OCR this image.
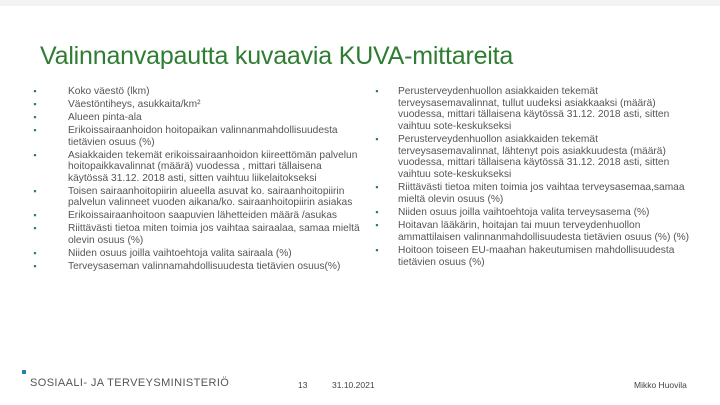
Valinnanvapautta kuvaavia KUVA-mittareita
▪	Koko väestö (lkm)
▪	Väestöntiheys, asukkaita/km²
▪	Alueen pinta-ala
▪	Erikoissairaanhoidon hoitopaikan valinnanmahdollisuudesta tietävien osuus (%)
▪	Asiakkaiden tekemät erikoissairaanhoidon kiireettömän palvelun hoitopaikkavalinnat (määrä) vuodessa , mittari tällaisena käytössä 31.12. 2018 asti, sitten vaihtuu liikelaitokseksi
▪	Toisen sairaanhoitopiirin alueella asuvat ko. sairaanhoitopiirin palvelun valinneet vuoden aikana/ko. sairaanhoitopiirin asiakas
▪	Erikoissairaanhoitoon saapuvien lähetteiden määrä /asukas
▪	Riittävästi tietoa miten toimia jos vaihtaa sairaalaa, samaa mieltä olevin osuus (%)
▪	Niiden osuus joilla vaihtoehtoja valita sairaala (%)
▪	Terveysaseman valinnamahdollisuudesta tietävien osuus(%)
▪	Perusterveydenhuollon asiakkaiden tekemät terveysasemavalinnat, tullut uudeksi asiakkaaksi (määrä) vuodessa, mittari tällaisena käytössä 31.12. 2018 asti, sitten vaihtuu sote-keskukseksi
▪	Perusterveydenhuollon asiakkaiden tekemät terveysasemavalinnat, lähtenyt pois asiakkuudesta (määrä) vuodessa, mittari tällaisena käytössä 31.12. 2018 asti, sitten vaihtuu sote-keskukseksi
▪	Riittävästi tietoa miten toimia jos vaihtaa terveysasemaa,samaa mieltä olevin osuus (%)
▪	Niiden osuus joilla vaihtoehtoja valita terveysasema (%)
▪	Hoitavan lääkärin, hoitajan tai muun terveydenhuollon ammattilaisen valinnanmahdollisuudesta tietävien osuus (%) (%)
▪	Hoitoon toiseen EU-maahan hakeutumisen mahdollisuudesta tietävien osuus (%)
SOSIAALI- JA TERVEYSMINISTERIÖ	13	31.10.2021	Mikko Huovila
